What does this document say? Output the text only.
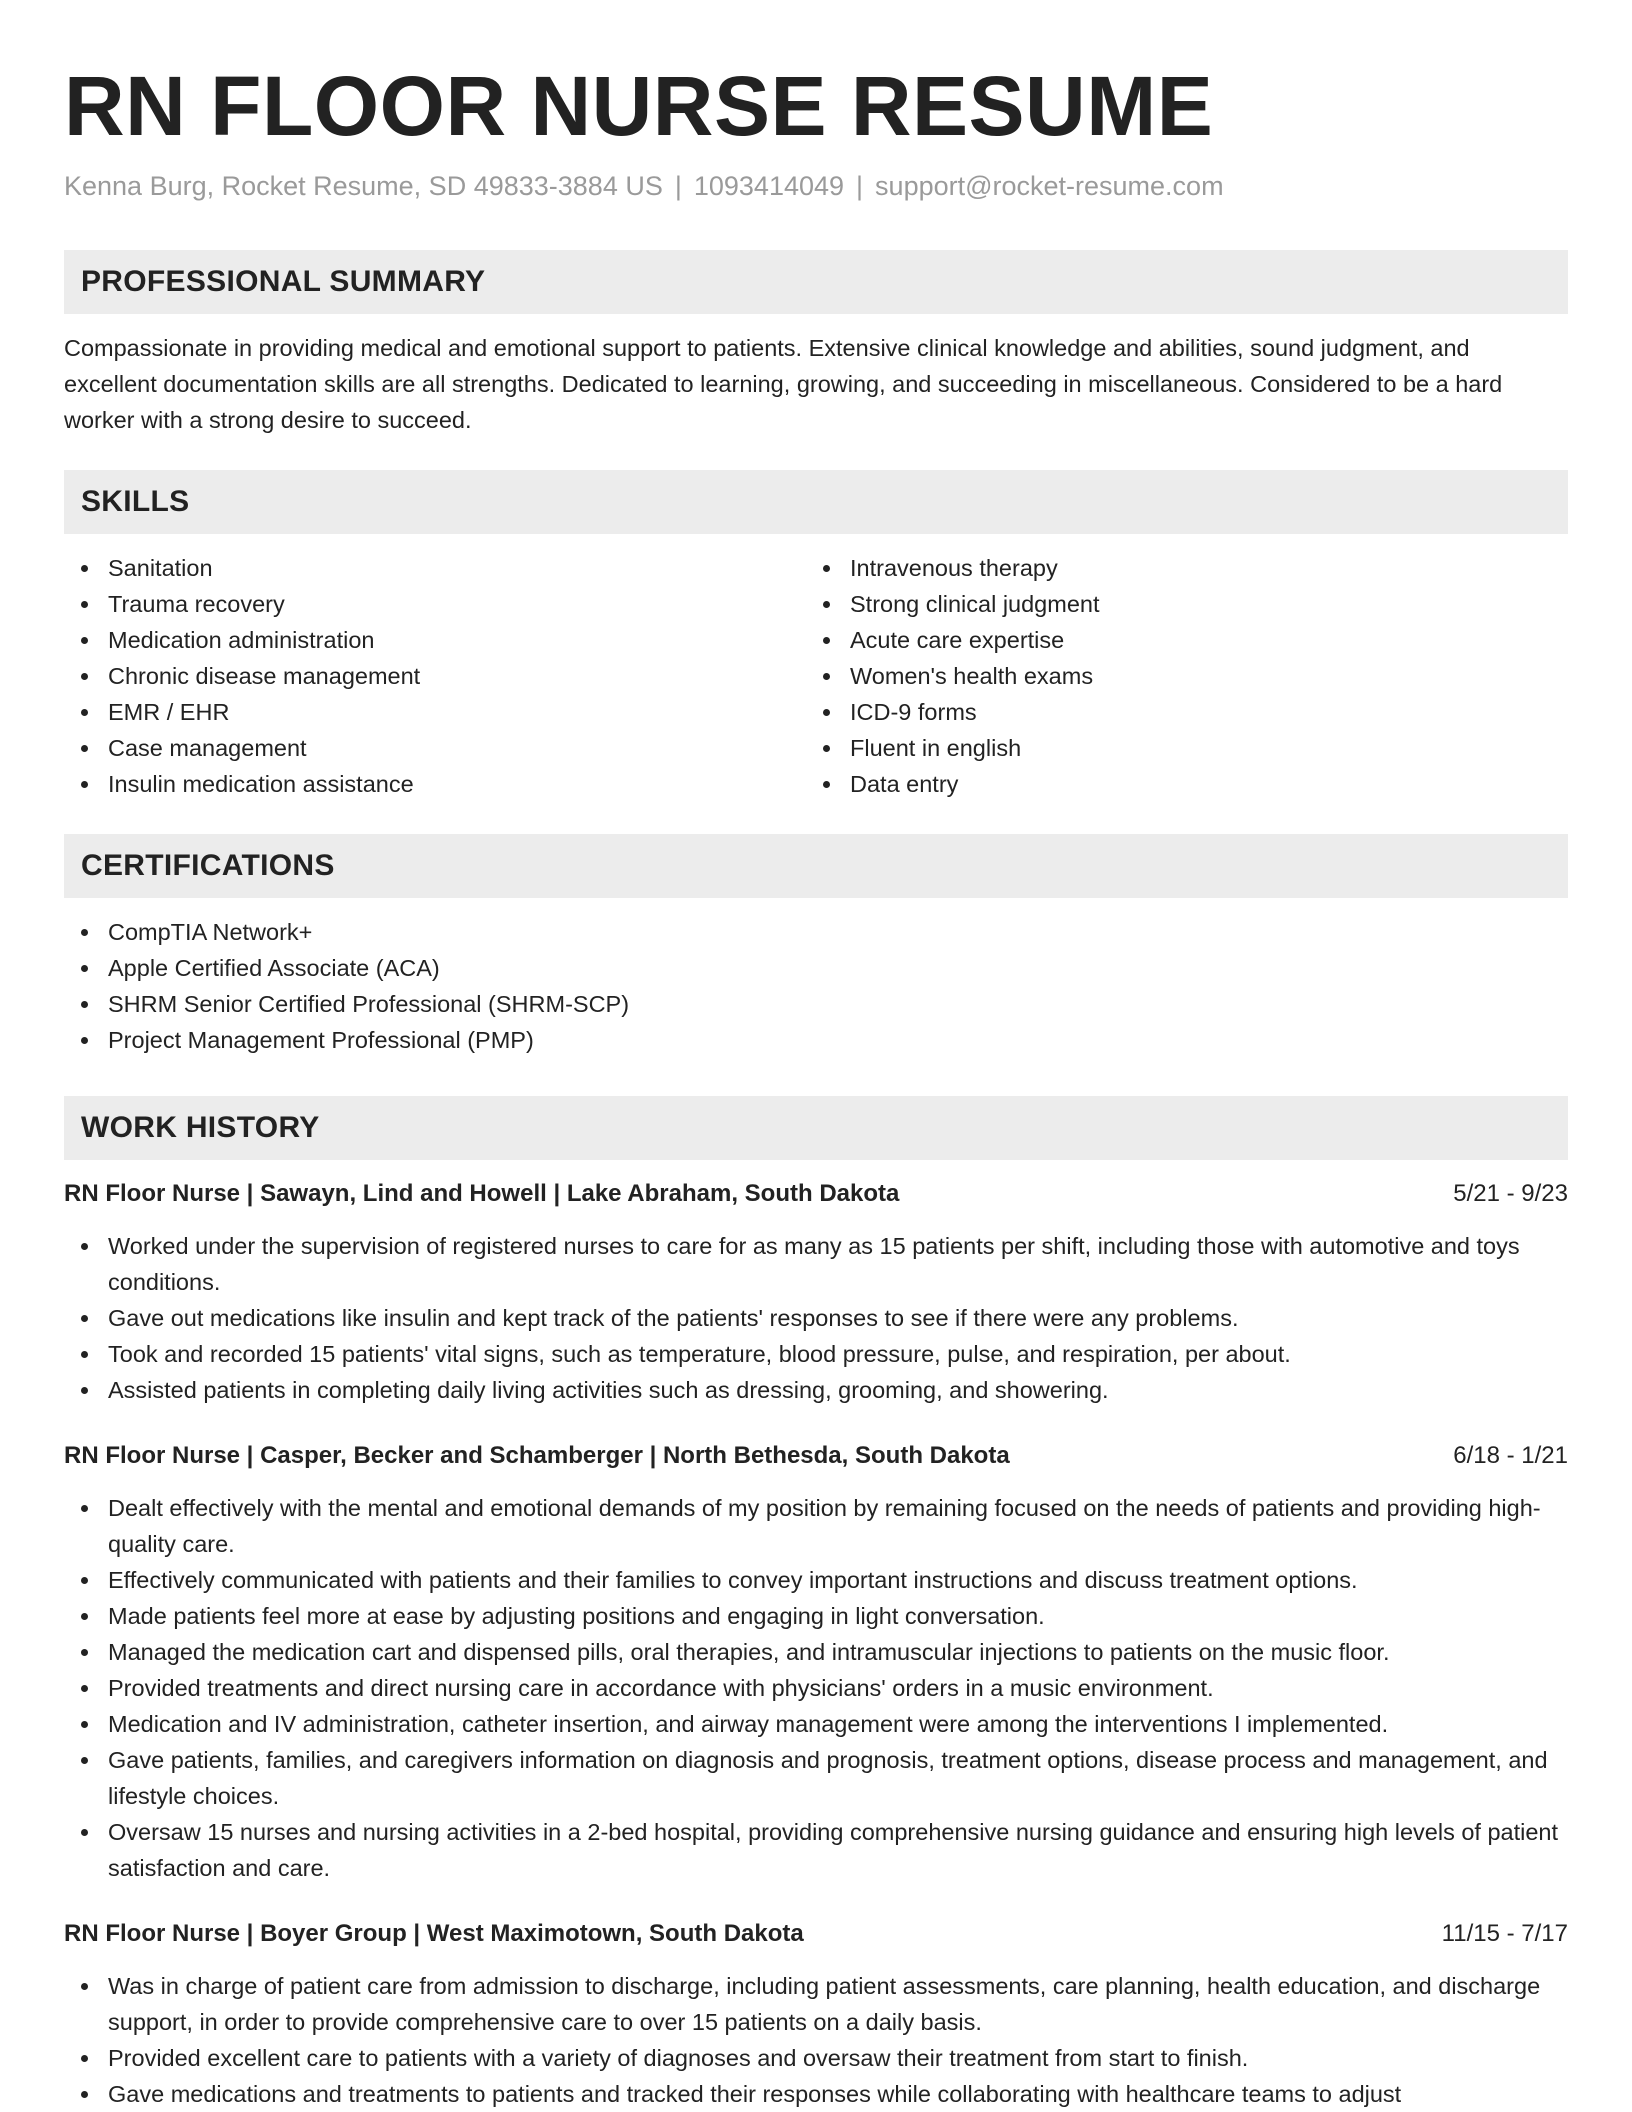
RN FLOOR NURSE RESUME
Kenna Burg, Rocket Resume, SD 49833-3884 US | 1093414049 | support@rocket-resume.com
PROFESSIONAL SUMMARY

Compassionate in providing medical and emotional support to patients. Extensive clinical knowledge and abilities, sound judgment, and excellent documentation skills are all strengths. Dedicated to learning, growing, and succeeding in miscellaneous. Considered to be a hard worker with a strong desire to succeed.

SKILLS
Sanitation
Trauma recovery
Medication administration
Chronic disease management
EMR / EHR
Case management
Insulin medication assistance
Intravenous therapy
Strong clinical judgment
Acute care expertise
Women's health exams
ICD-9 forms
Fluent in english
Data entry
CERTIFICATIONS
CompTIA Network+
Apple Certified Associate (ACA)
SHRM Senior Certified Professional (SHRM-SCP)
Project Management Professional (PMP)
WORK HISTORY
RN Floor Nurse | Sawayn, Lind and Howell | Lake Abraham, South Dakota	5/21 - 9/23
Worked under the supervision of registered nurses to care for as many as 15 patients per shift, including those with automotive and toys conditions.
Gave out medications like insulin and kept track of the patients' responses to see if there were any problems.
Took and recorded 15 patients' vital signs, such as temperature, blood pressure, pulse, and respiration, per about.
Assisted patients in completing daily living activities such as dressing, grooming, and showering.
RN Floor Nurse | Casper, Becker and Schamberger | North Bethesda, South Dakota	6/18 - 1/21
Dealt effectively with the mental and emotional demands of my position by remaining focused on the needs of patients and providing high-quality care.
Effectively communicated with patients and their families to convey important instructions and discuss treatment options.
Made patients feel more at ease by adjusting positions and engaging in light conversation.
Managed the medication cart and dispensed pills, oral therapies, and intramuscular injections to patients on the music floor.
Provided treatments and direct nursing care in accordance with physicians' orders in a music environment.
Medication and IV administration, catheter insertion, and airway management were among the interventions I implemented.
Gave patients, families, and caregivers information on diagnosis and prognosis, treatment options, disease process and management, and lifestyle choices.
Oversaw 15 nurses and nursing activities in a 2-bed hospital, providing comprehensive nursing guidance and ensuring high levels of patient satisfaction and care.
RN Floor Nurse | Boyer Group | West Maximotown, South Dakota	11/15 - 7/17
Was in charge of patient care from admission to discharge, including patient assessments, care planning, health education, and discharge support, in order to provide comprehensive care to over 15 patients on a daily basis.
Provided excellent care to patients with a variety of diagnoses and oversaw their treatment from start to finish.
Gave medications and treatments to patients and tracked their responses while collaborating with healthcare teams to adjust
